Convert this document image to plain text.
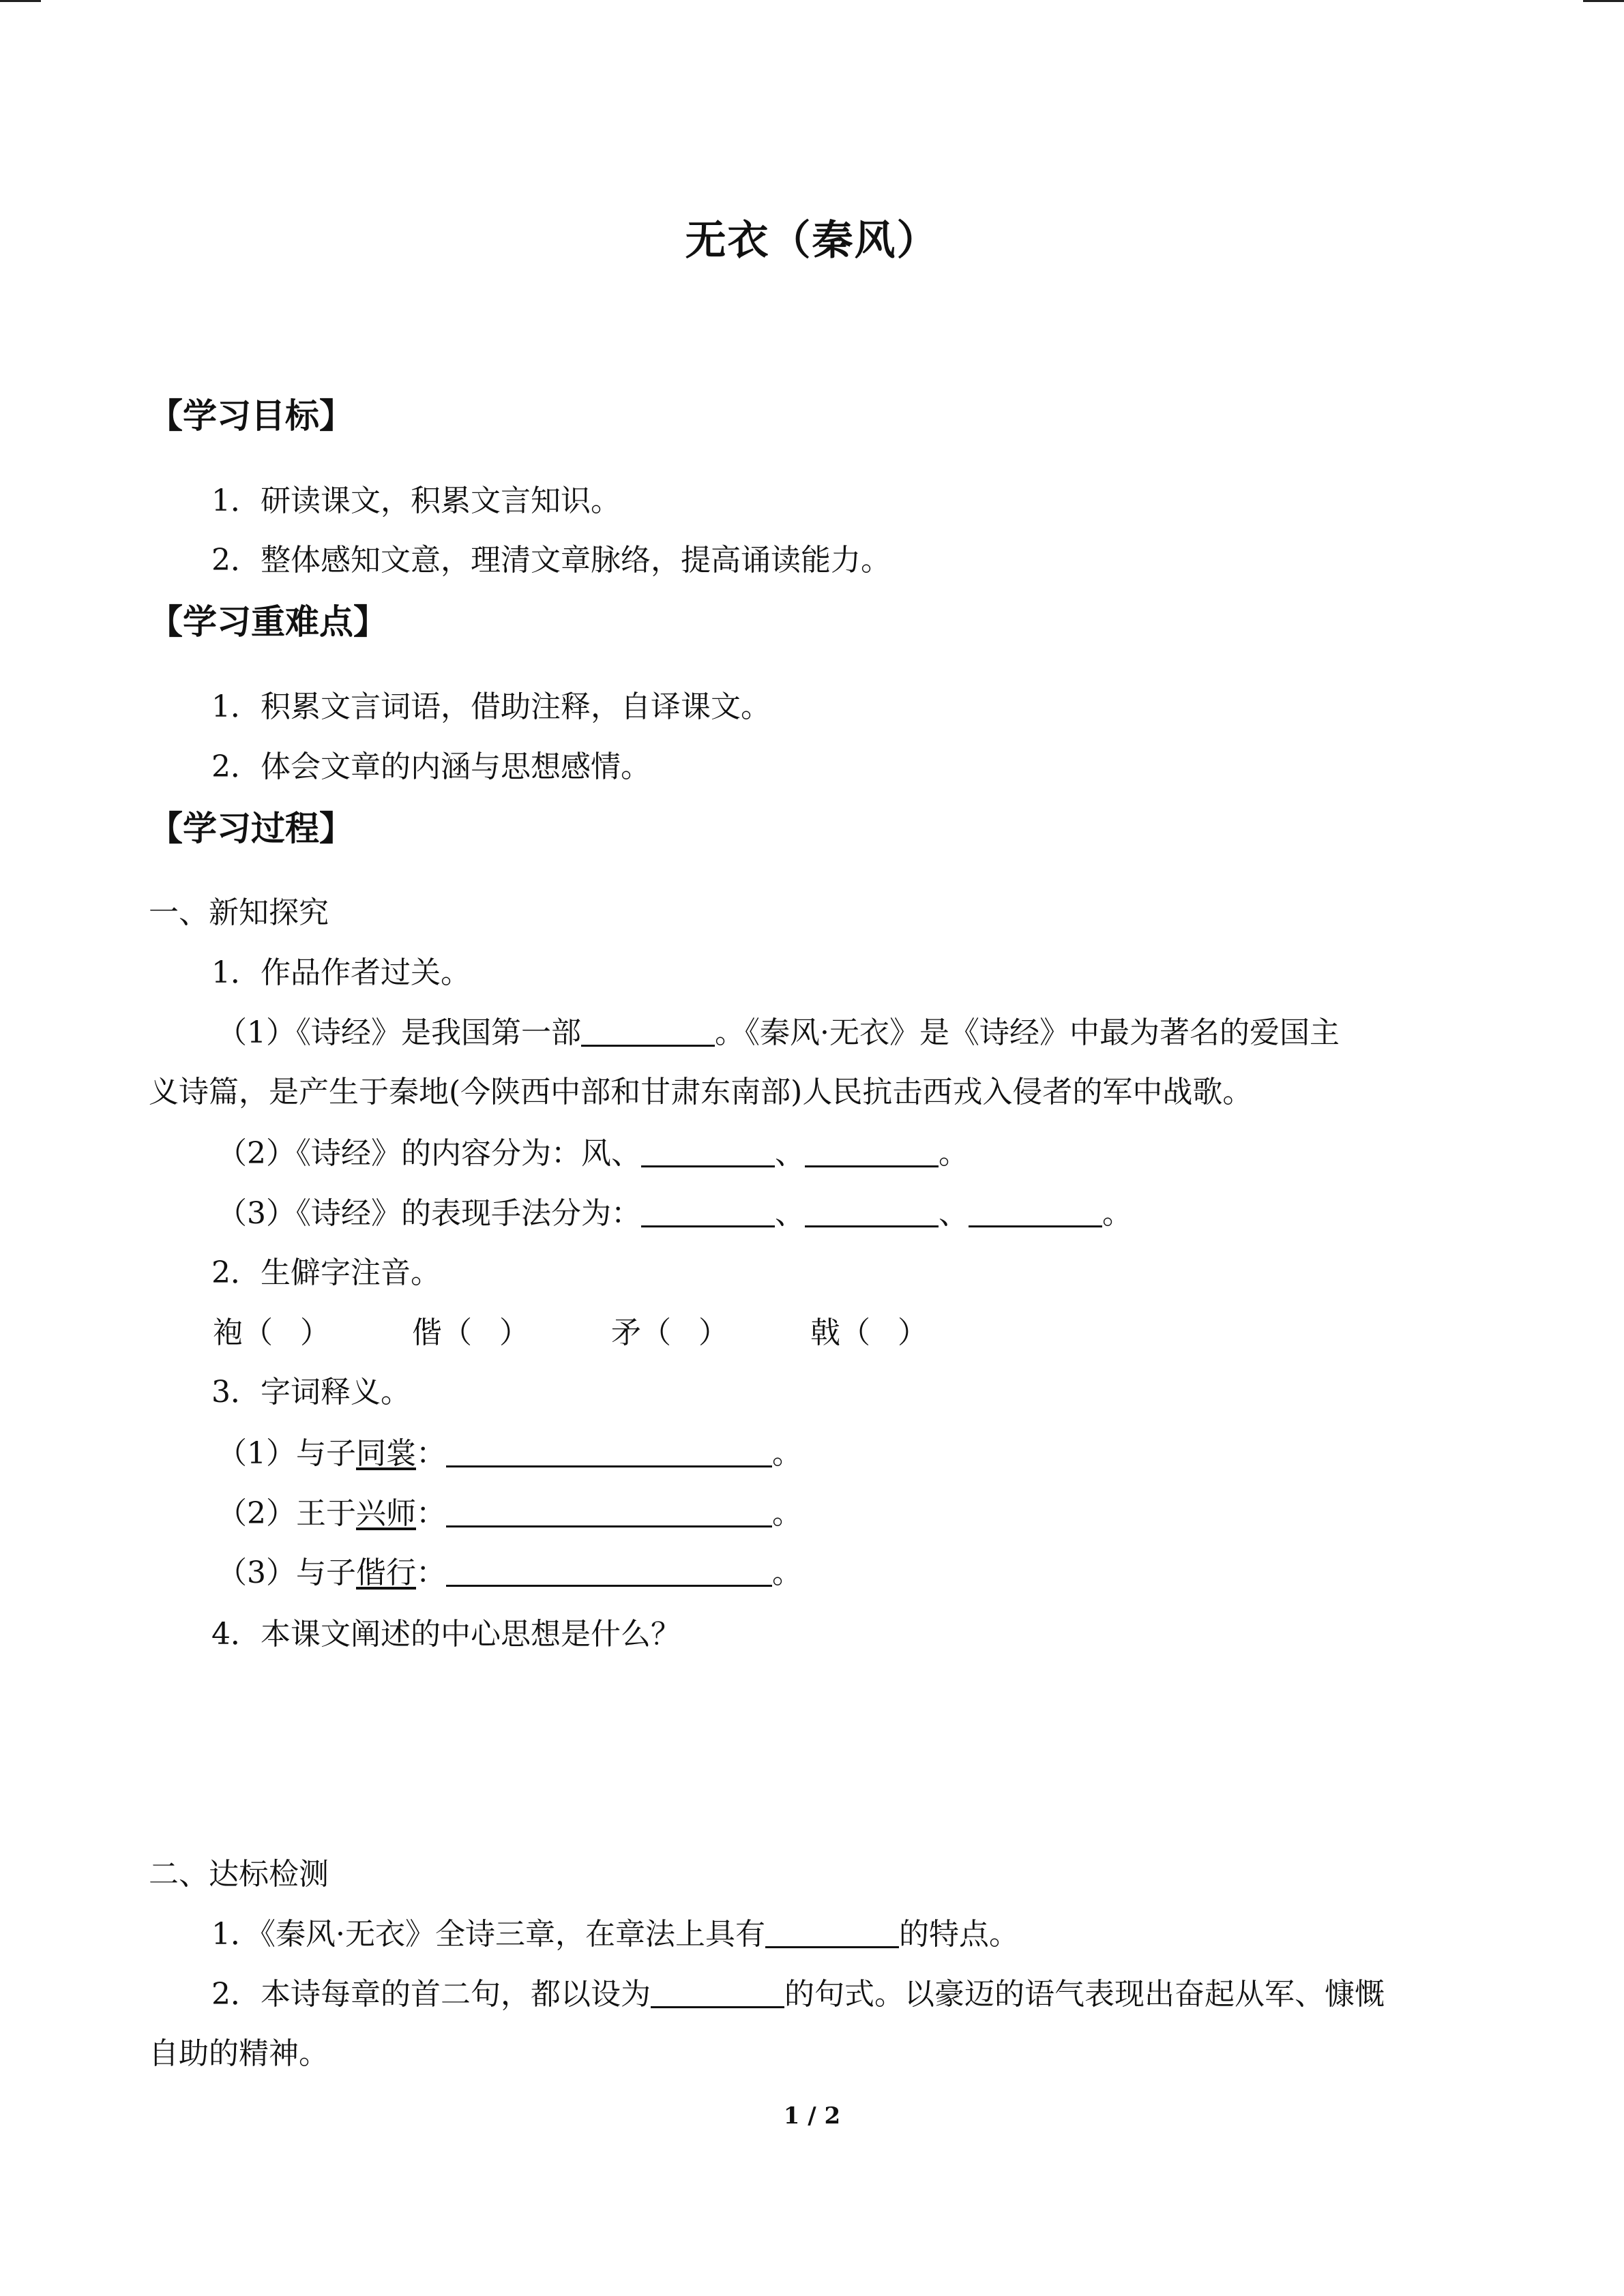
无衣（秦风）
【学习目标】
1．研读课文，积累文言知识。
2．整体感知文意，理清文章脉络，提高诵读能力。
【学习重难点】
1．积累文言词语，借助注释，自译课文。
2．体会文章的内涵与思想感情。
【学习过程】
一、新知探究
1．作品作者过关。
（1）《诗经》是我国第一部	。《秦风·无衣》是《诗经》中最为著名的爱国主
义诗篇，是产生于秦地(今陕西中部和甘肃东南部)人民抗击西戎入侵者的军中战歌。
（2）《诗经》的内容分为：风、	、	。
（3）《诗经》的表现手法分为：	、	、	。
2．生僻字注音。
袍（ ）	偕（ ）	矛（ ）	戟（ ）
3．字词释义。
（1）与子同裳：	。
（2）王于兴师：	。
（3）与子偕行：	。
4．本课文阐述的中心思想是什么？
二、达标检测
1．《秦风·无衣》全诗三章，在章法上具有	的特点。
2．本诗每章的首二句，都以设为	的句式。以豪迈的语气表现出奋起从军、慷慨
自助的精神。
1 / 2
